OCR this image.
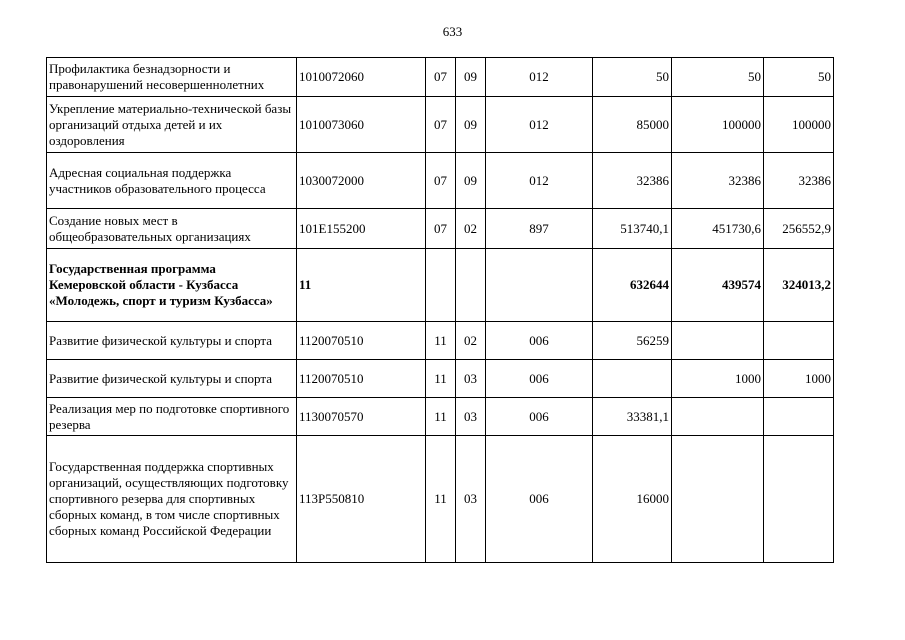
633
Профилактика безнадзорности и правонарушений несовершеннолетних	1010072060	07	09	012	50	50	50
Укрепление материально-технической базы организаций отдыха детей и их оздоровления	1010073060	07	09	012	85000	100000	100000
Адресная социальная поддержка участников образовательного процесса	1030072000	07	09	012	32386	32386	32386
Создание новых мест в общеобразовательных организациях	101E155200	07	02	897	513740,1	451730,6	256552,9
Государственная программа Кемеровской области - Кузбасса «Молодежь, спорт и туризм Кузбасса»	11				632644	439574	324013,2
Развитие физической культуры и спорта	1120070510	11	02	006	56259		
Развитие физической культуры и спорта	1120070510	11	03	006		1000	1000
Реализация мер по подготовке спортивного резерва	1130070570	11	03	006	33381,1		
Государственная поддержка спортивных организаций, осуществляющих подготовку спортивного резерва для спортивных сборных команд, в том числе спортивных сборных команд Российской Федерации	113P550810	11	03	006	16000		
